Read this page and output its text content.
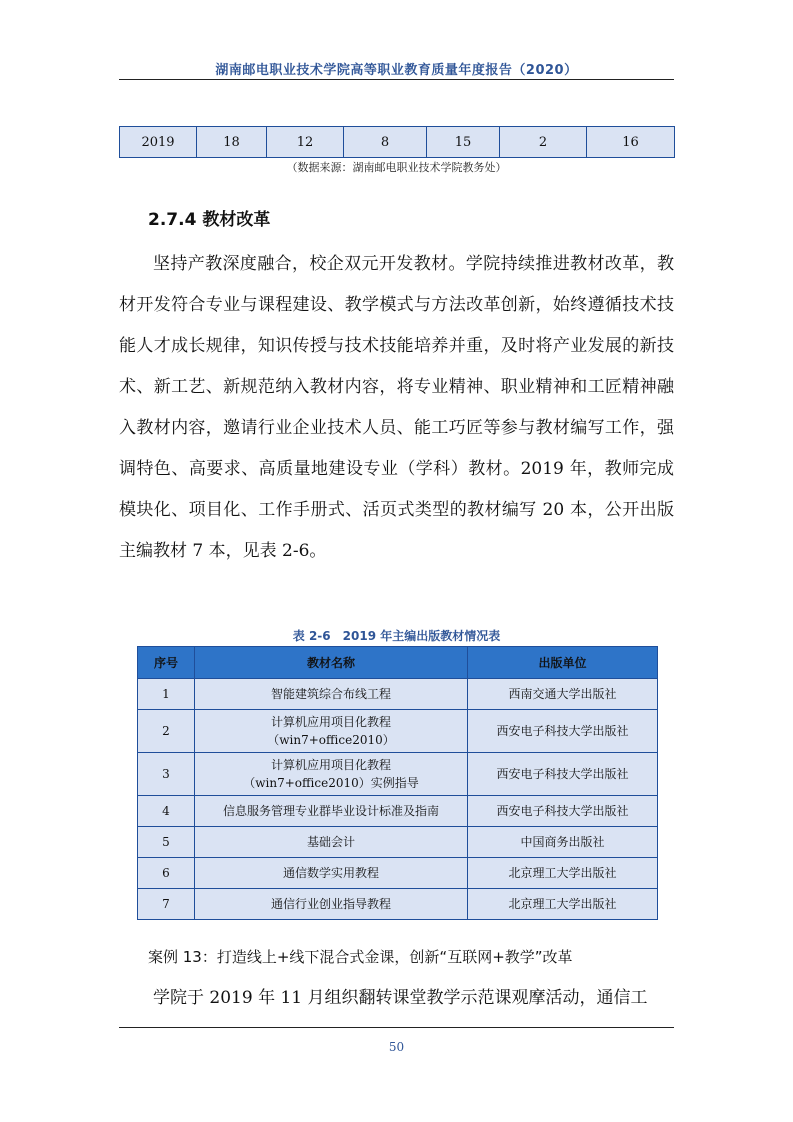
湖南邮电职业技术学院高等职业教育质量年度报告（2020）
2019	18	12	8	15	2	16
（数据来源：湖南邮电职业技术学院教务处）
2.7.4 教材改革

坚持产教深度融合，校企双元开发教材。学院持续推进教材改革，教材开发符合专业与课程建设、教学模式与方法改革创新，始终遵循技术技能人才成长规律，知识传授与技术技能培养并重，及时将产业发展的新技术、新工艺、新规范纳入教材内容，将专业精神、职业精神和工匠精神融入教材内容，邀请行业企业技术人员、能工巧匠等参与教材编写工作，强调特色、高要求、高质量地建设专业（学科）教材。2019 年，教师完成模块化、项目化、工作手册式、活页式类型的教材编写 20 本，公开出版主编教材 7 本，见表 2-6。

表 2-6　2019 年主编出版教材情况表
序号	教材名称	出版单位
1	智能建筑综合布线工程	西南交通大学出版社
2	计算机应用项目化教程
（win7+office2010）	西安电子科技大学出版社
3	计算机应用项目化教程
（win7+office2010）实例指导	西安电子科技大学出版社
4	信息服务管理专业群毕业设计标准及指南	西安电子科技大学出版社
5	基础会计	中国商务出版社
6	通信数学实用教程	北京理工大学出版社
7	通信行业创业指导教程	北京理工大学出版社
案例 13：打造线上+线下混合式金课，创新“互联网+教学”改革

学院于 2019 年 11 月组织翻转课堂教学示范课观摩活动，通信工

50
